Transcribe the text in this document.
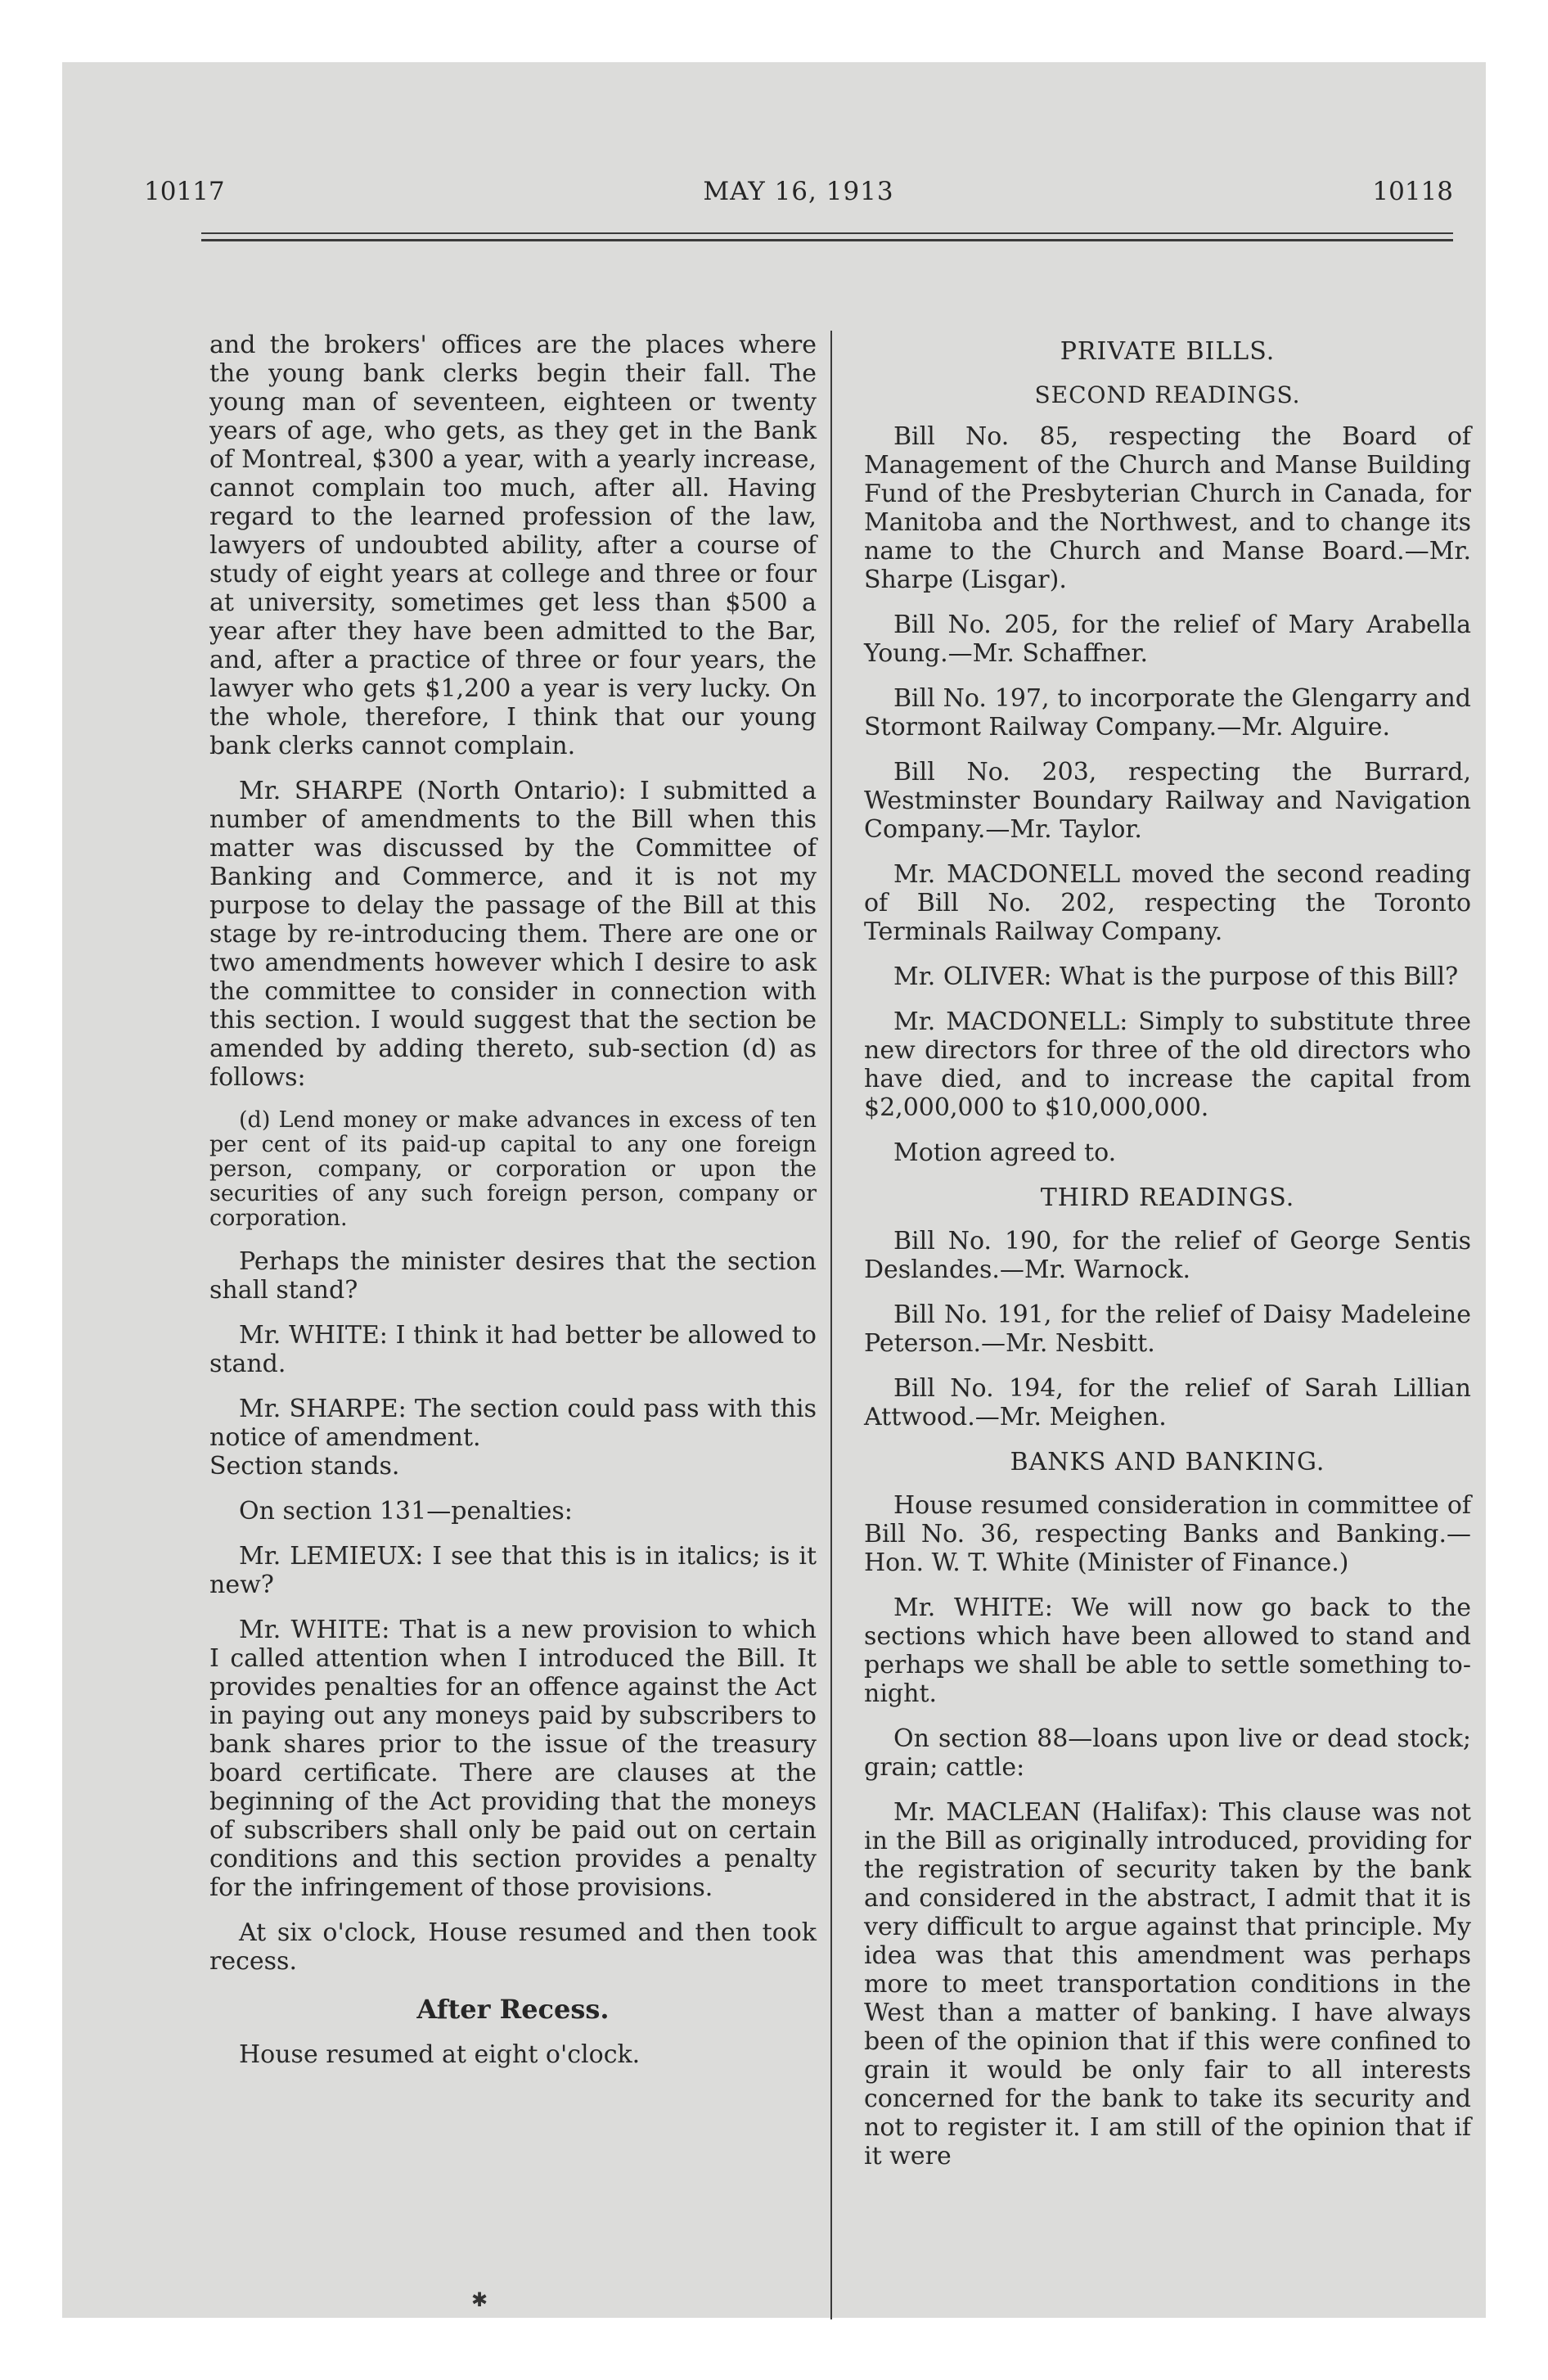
10117	MAY 16, 1913	10118

and the brokers' offices are the places where the young bank clerks begin their fall. The young man of seventeen, eighteen or twenty years of age, who gets, as they get in the Bank of Montreal, $300 a year, with a yearly increase, cannot complain too much, after all. Having regard to the learned profession of the law, lawyers of undoubted ability, after a course of study of eight years at college and three or four at university, sometimes get less than $500 a year after they have been admitted to the Bar, and, after a practice of three or four years, the lawyer who gets $1,200 a year is very lucky. On the whole, therefore, I think that our young bank clerks cannot complain.

Mr. SHARPE (North Ontario): I submitted a number of amendments to the Bill when this matter was discussed by the Committee of Banking and Commerce, and it is not my purpose to delay the passage of the Bill at this stage by re-introducing them. There are one or two amendments however which I desire to ask the committee to consider in connection with this section. I would suggest that the section be amended by adding thereto, sub-section (d) as follows:

(d) Lend money or make advances in excess of ten per cent of its paid-up capital to any one foreign person, company, or corporation or upon the securities of any such foreign person, company or corporation.

Perhaps the minister desires that the section shall stand?

Mr. WHITE: I think it had better be allowed to stand.

Mr. SHARPE: The section could pass with this notice of amendment.

Section stands.

On section 131—penalties:

Mr. LEMIEUX: I see that this is in italics; is it new?

Mr. WHITE: That is a new provision to which I called attention when I introduced the Bill. It provides penalties for an offence against the Act in paying out any moneys paid by subscribers to bank shares prior to the issue of the treasury board certificate. There are clauses at the beginning of the Act providing that the moneys of subscribers shall only be paid out on certain conditions and this section provides a penalty for the infringement of those provisions.

At six o'clock, House resumed and then took recess.

After Recess.

House resumed at eight o'clock.

PRIVATE BILLS.
SECOND READINGS.

Bill No. 85, respecting the Board of Management of the Church and Manse Building Fund of the Presbyterian Church in Canada, for Manitoba and the Northwest, and to change its name to the Church and Manse Board.—Mr. Sharpe (Lisgar).

Bill No. 205, for the relief of Mary Arabella Young.—Mr. Schaffner.

Bill No. 197, to incorporate the Glengarry and Stormont Railway Company.—Mr. Alguire.

Bill No. 203, respecting the Burrard, Westminster Boundary Railway and Navigation Company.—Mr. Taylor.

Mr. MACDONELL moved the second reading of Bill No. 202, respecting the Toronto Terminals Railway Company.

Mr. OLIVER: What is the purpose of this Bill?

Mr. MACDONELL: Simply to substitute three new directors for three of the old directors who have died, and to increase the capital from $2,000,000 to $10,000,000.

Motion agreed to.

THIRD READINGS.

Bill No. 190, for the relief of George Sentis Deslandes.—Mr. Warnock.

Bill No. 191, for the relief of Daisy Madeleine Peterson.—Mr. Nesbitt.

Bill No. 194, for the relief of Sarah Lillian Attwood.—Mr. Meighen.

BANKS AND BANKING.

House resumed consideration in committee of Bill No. 36, respecting Banks and Banking.—Hon. W. T. White (Minister of Finance.)

Mr. WHITE: We will now go back to the sections which have been allowed to stand and perhaps we shall be able to settle something to-night.

On section 88—loans upon live or dead stock; grain; cattle:

Mr. MACLEAN (Halifax): This clause was not in the Bill as originally introduced, providing for the registration of security taken by the bank and considered in the abstract, I admit that it is very difficult to argue against that principle. My idea was that this amendment was perhaps more to meet transportation conditions in the West than a matter of banking. I have always been of the opinion that if this were confined to grain it would be only fair to all interests concerned for the bank to take its security and not to register it. I am still of the opinion that if it were

✱
